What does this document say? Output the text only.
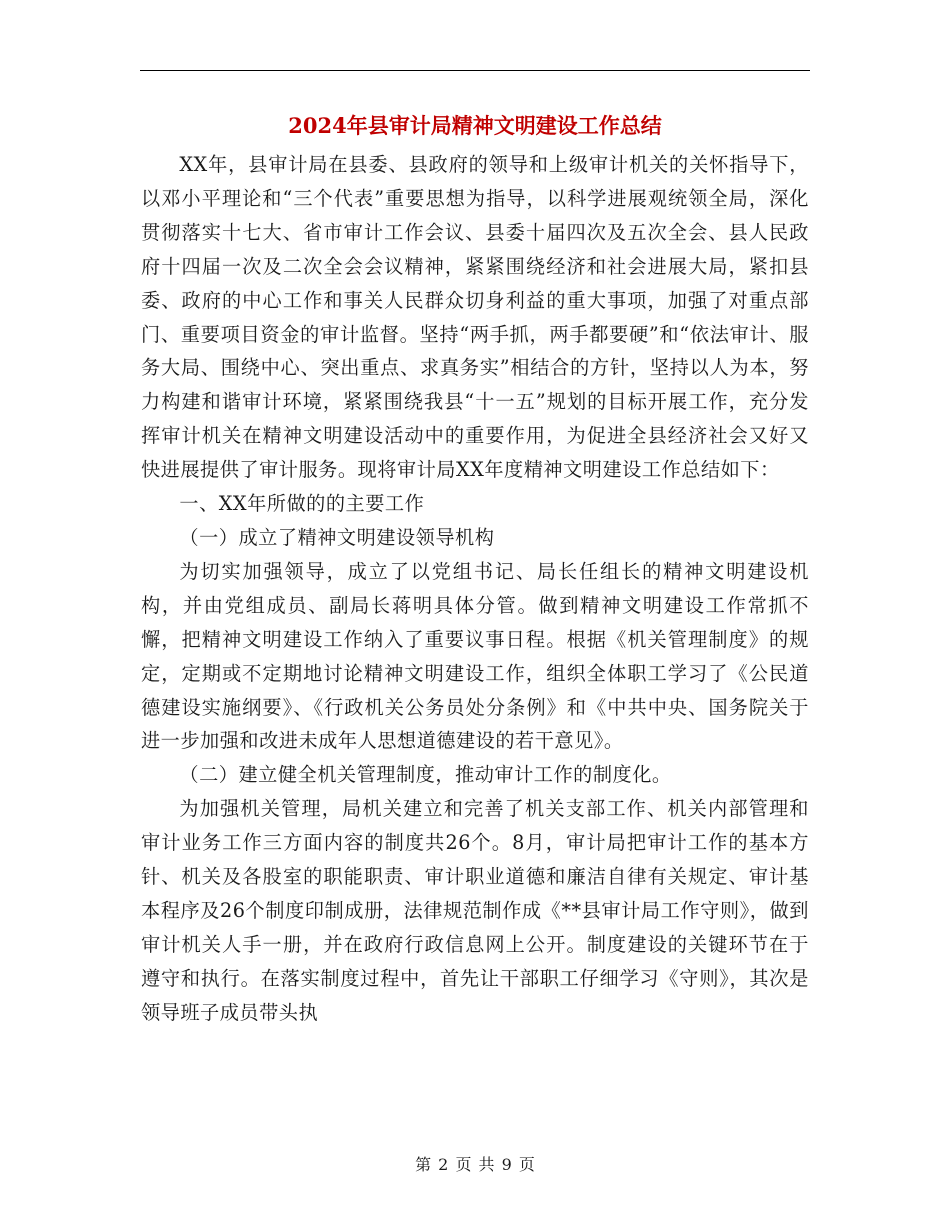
2024年县审计局精神文明建设工作总结

XX年，县审计局在县委、县政府的领导和上级审计机关的关怀指导下，以邓小平理论和“三个代表”重要思想为指导，以科学进展观统领全局，深化贯彻落实十七大、省市审计工作会议、县委十届四次及五次全会、县人民政府十四届一次及二次全会会议精神，紧紧围绕经济和社会进展大局，紧扣县委、政府的中心工作和事关人民群众切身利益的重大事项，加强了对重点部门、重要项目资金的审计监督。坚持“两手抓，两手都要硬”和“依法审计、服务大局、围绕中心、突出重点、求真务实”相结合的方针，坚持以人为本，努力构建和谐审计环境，紧紧围绕我县“十一五”规划的目标开展工作，充分发挥审计机关在精神文明建设活动中的重要作用，为促进全县经济社会又好又快进展提供了审计服务。现将审计局XX年度精神文明建设工作总结如下：

一、XX年所做的的主要工作

（一）成立了精神文明建设领导机构

为切实加强领导，成立了以党组书记、局长任组长的精神文明建设机构，并由党组成员、副局长蒋明具体分管。做到精神文明建设工作常抓不懈，把精神文明建设工作纳入了重要议事日程。根据《机关管理制度》的规定，定期或不定期地讨论精神文明建设工作，组织全体职工学习了《公民道德建设实施纲要》、《行政机关公务员处分条例》和《中共中央、国务院关于进一步加强和改进未成年人思想道德建设的若干意见》。

（二）建立健全机关管理制度，推动审计工作的制度化。

为加强机关管理，局机关建立和完善了机关支部工作、机关内部管理和审计业务工作三方面内容的制度共26个。8月，审计局把审计工作的基本方针、机关及各股室的职能职责、审计职业道德和廉洁自律有关规定、审计基本程序及26个制度印制成册，法律规范制作成《**县审计局工作守则》，做到审计机关人手一册，并在政府行政信息网上公开。制度建设的关键环节在于遵守和执行。在落实制度过程中，首先让干部职工仔细学习《守则》，其次是领导班子成员带头执

第 2 页 共 9 页
